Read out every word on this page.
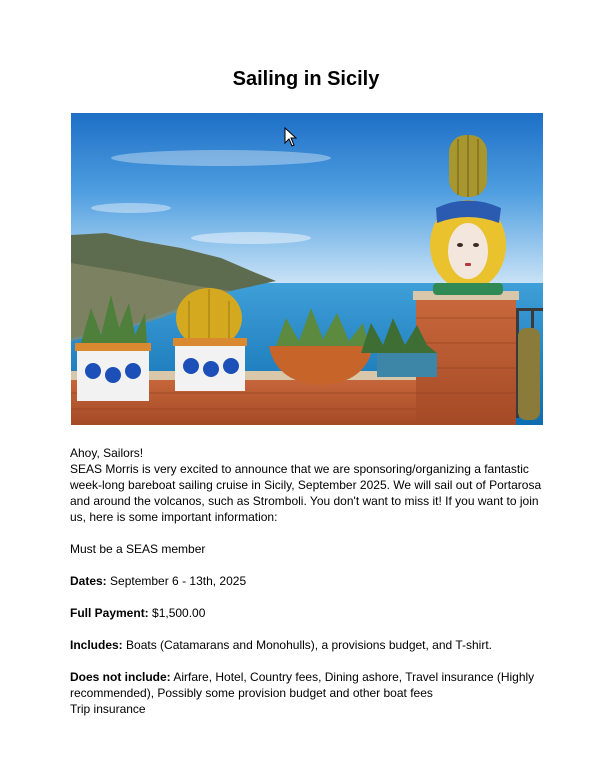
Sailing in Sicily

Ahoy, Sailors!

SEAS Morris is very excited to announce that we are sponsoring/organizing a fantastic week-long bareboat sailing cruise in Sicily, September 2025. We will sail out of Portarosa and around the volcanos, such as Stromboli. You don't want to miss it! If you want to join us, here is some important information:

Must be a SEAS member

Dates: September 6 - 13th, 2025

Full Payment: $1,500.00

Includes: Boats (Catamarans and Monohulls), a provisions budget, and T-shirt.

Does not include: Airfare, Hotel, Country fees, Dining ashore, Travel insurance (Highly recommended), Possibly some provision budget and other boat fees

Trip insurance
